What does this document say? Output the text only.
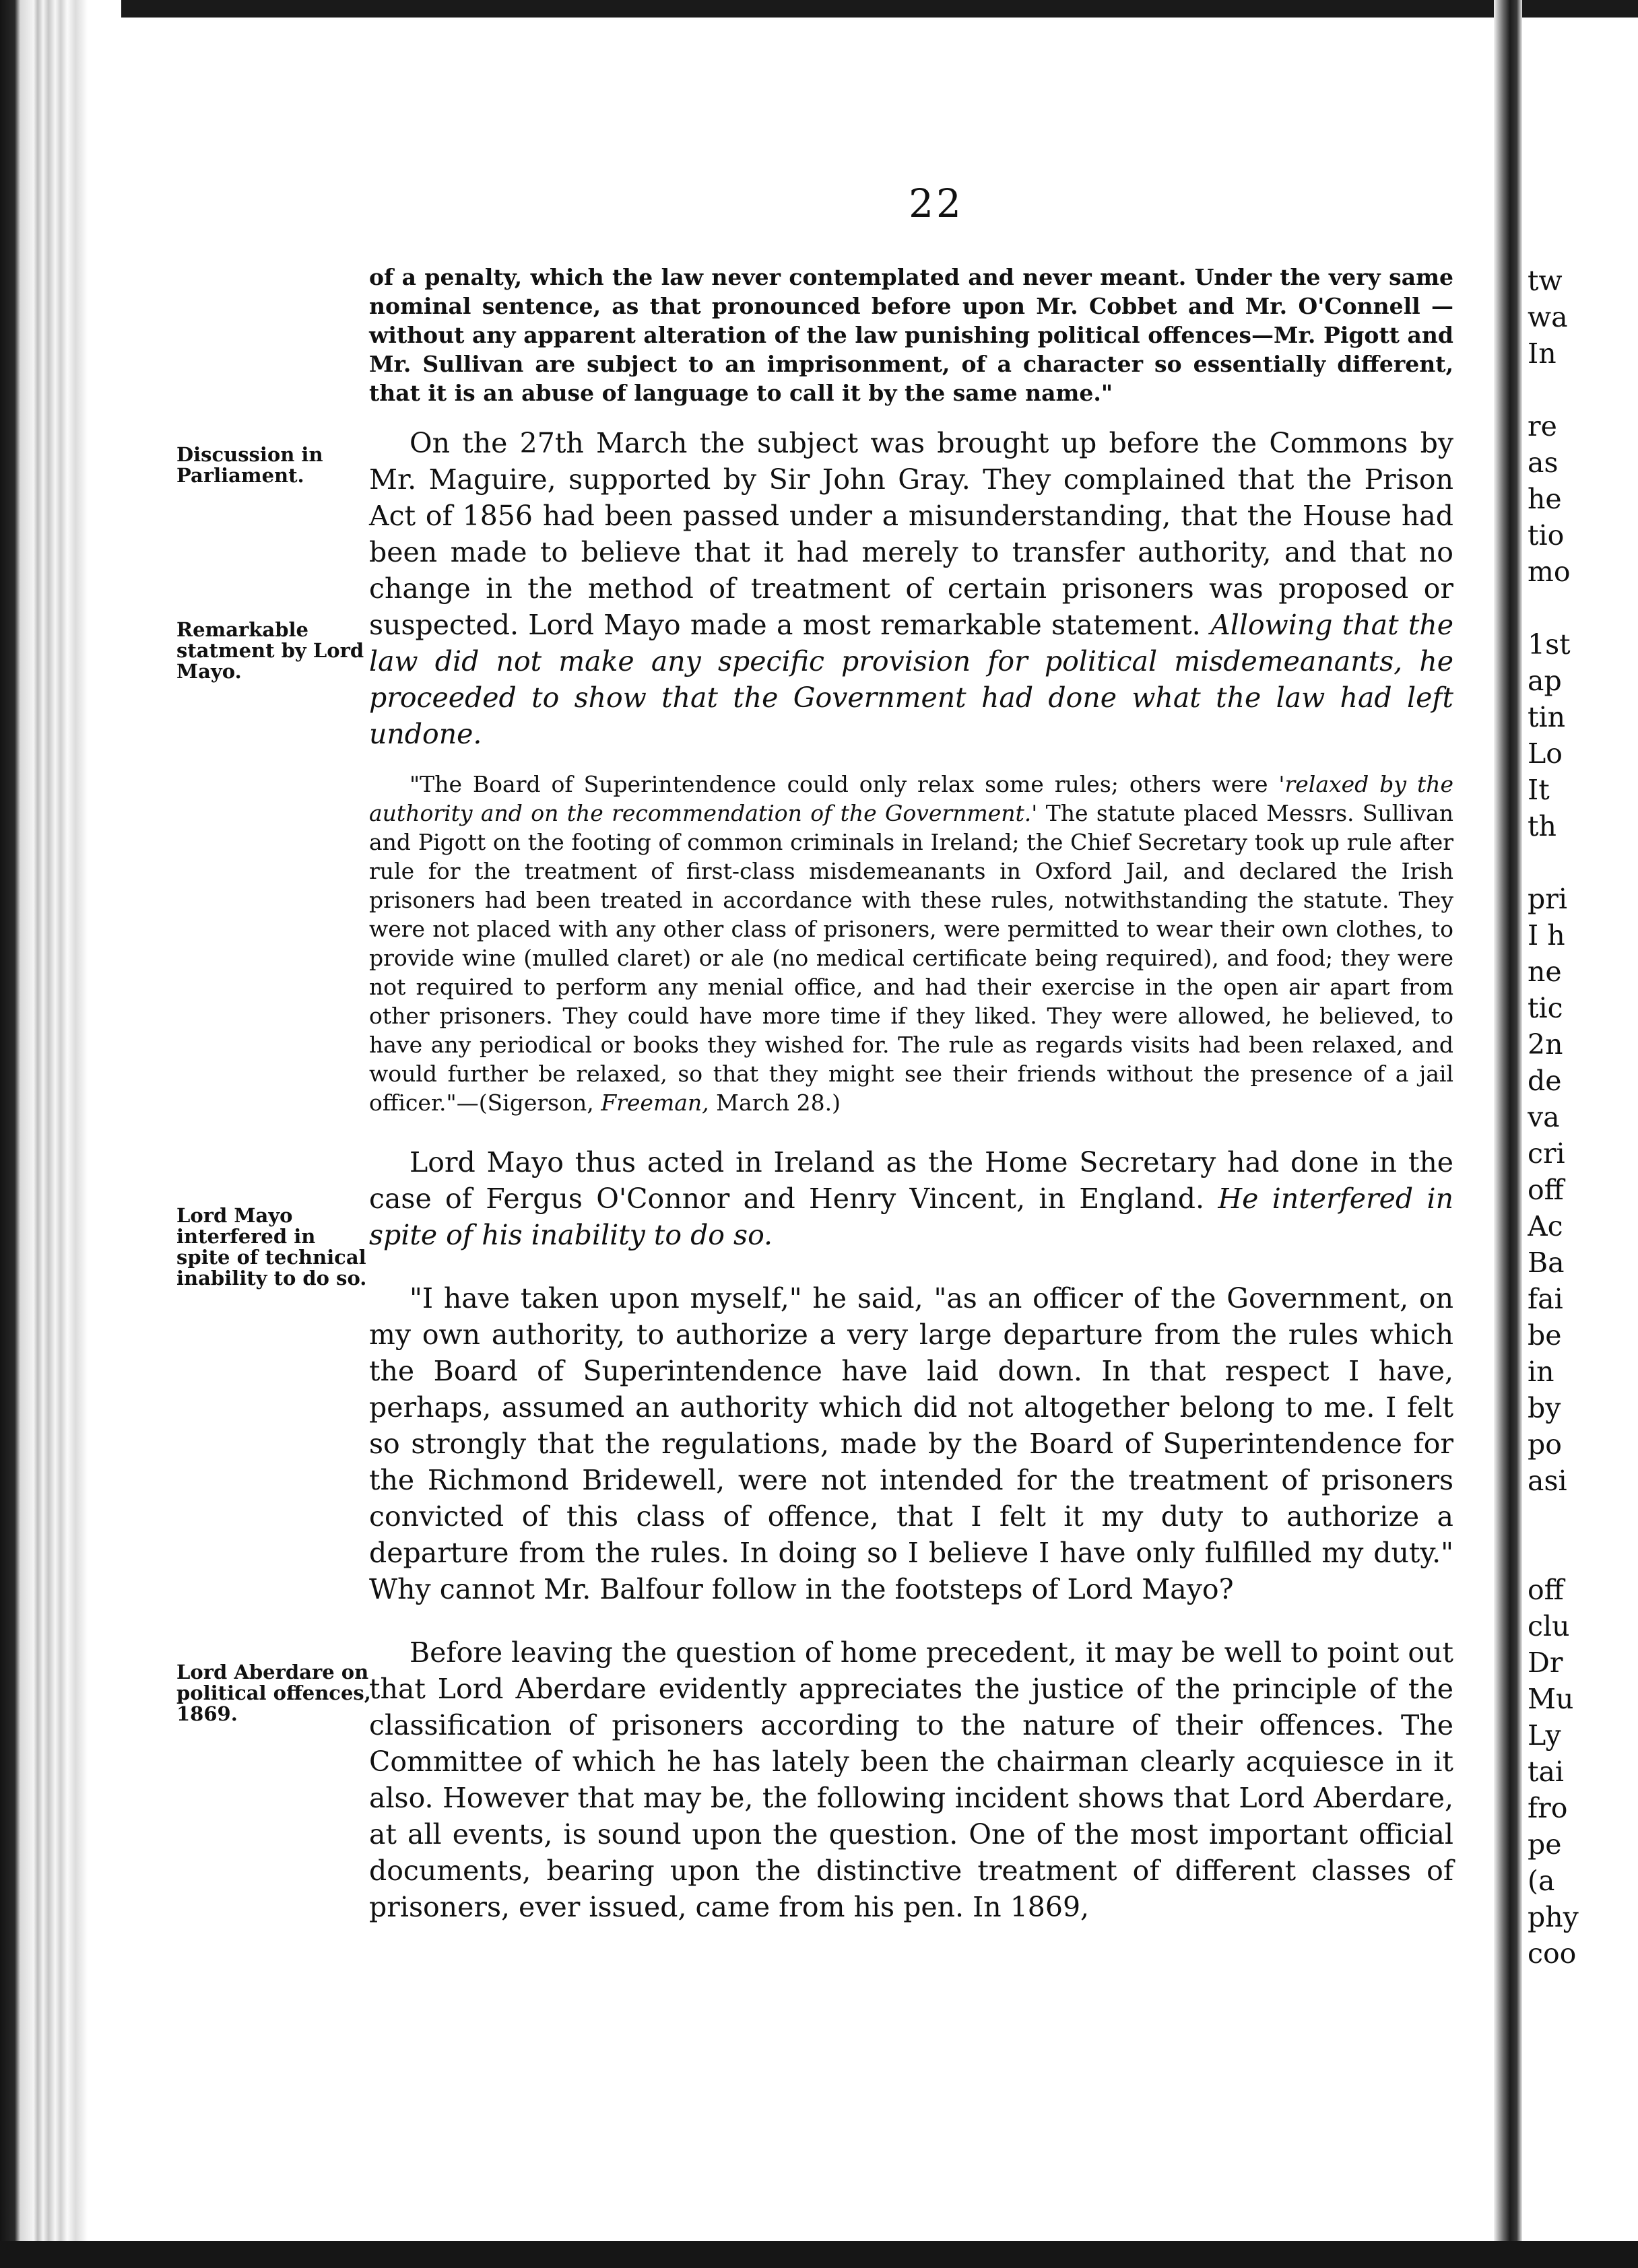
22

Discussion in Parliament.

Remarkable statment by Lord Mayo.

Lord Mayo interfered in spite of technical inability to do so.

Lord Aberdare on political offences, 1869.

of a penalty, which the law never contemplated and never meant. Under the very same nominal sentence, as that pronounced before upon Mr. Cobbet and Mr. O'Connell —without any apparent alteration of the law punishing political offences—Mr. Pigott and Mr. Sullivan are subject to an imprisonment, of a character so essentially different, that it is an abuse of language to call it by the same name."

On the 27th March the subject was brought up before the Commons by Mr. Maguire, supported by Sir John Gray. They complained that the Prison Act of 1856 had been passed under a misunderstanding, that the House had been made to believe that it had merely to transfer authority, and that no change in the method of treatment of certain prisoners was proposed or suspected. Lord Mayo made a most remarkable statement. Allowing that the law did not make any specific provision for political misdemeanants, he proceeded to show that the Government had done what the law had left undone.

"The Board of Superintendence could only relax some rules; others were 'relaxed by the authority and on the recommendation of the Government.' The statute placed Messrs. Sullivan and Pigott on the footing of common criminals in Ireland; the Chief Secretary took up rule after rule for the treatment of first-class misdemeanants in Oxford Jail, and declared the Irish prisoners had been treated in accordance with these rules, notwithstanding the statute. They were not placed with any other class of prisoners, were permitted to wear their own clothes, to provide wine (mulled claret) or ale (no medical certificate being required), and food; they were not required to perform any menial office, and had their exercise in the open air apart from other prisoners. They could have more time if they liked. They were allowed, he believed, to have any periodical or books they wished for. The rule as regards visits had been relaxed, and would further be relaxed, so that they might see their friends without the presence of a jail officer."—(Sigerson, Freeman, March 28.)

Lord Mayo thus acted in Ireland as the Home Secretary had done in the case of Fergus O'Connor and Henry Vincent, in England. He interfered in spite of his inability to do so.

"I have taken upon myself," he said, "as an officer of the Government, on my own authority, to authorize a very large departure from the rules which the Board of Superintendence have laid down. In that respect I have, perhaps, assumed an authority which did not altogether belong to me. I felt so strongly that the regulations, made by the Board of Superintendence for the Richmond Bridewell, were not intended for the treatment of prisoners convicted of this class of offence, that I felt it my duty to authorize a departure from the rules. In doing so I believe I have only fulfilled my duty." Why cannot Mr. Balfour follow in the footsteps of Lord Mayo?

Before leaving the question of home precedent, it may be well to point out that Lord Aberdare evidently appreciates the justice of the principle of the classification of prisoners according to the nature of their offences. The Committee of which he has lately been the chairman clearly acquiesce in it also. However that may be, the following incident shows that Lord Aberdare, at all events, is sound upon the question. One of the most important official documents, bearing upon the distinctive treatment of different classes of prisoners, ever issued, came from his pen. In 1869,

tw
wa
In
re
as
he
tio
mo
1st
ap
tin
Lo
It
th
pri
I h
ne
tic
2n
de
va
cri
off
Ac
Ba
fai
be
in
by
po
asi
off
clu
Dr
Mu
Ly
tai
fro
pe
(a
phy
coo
